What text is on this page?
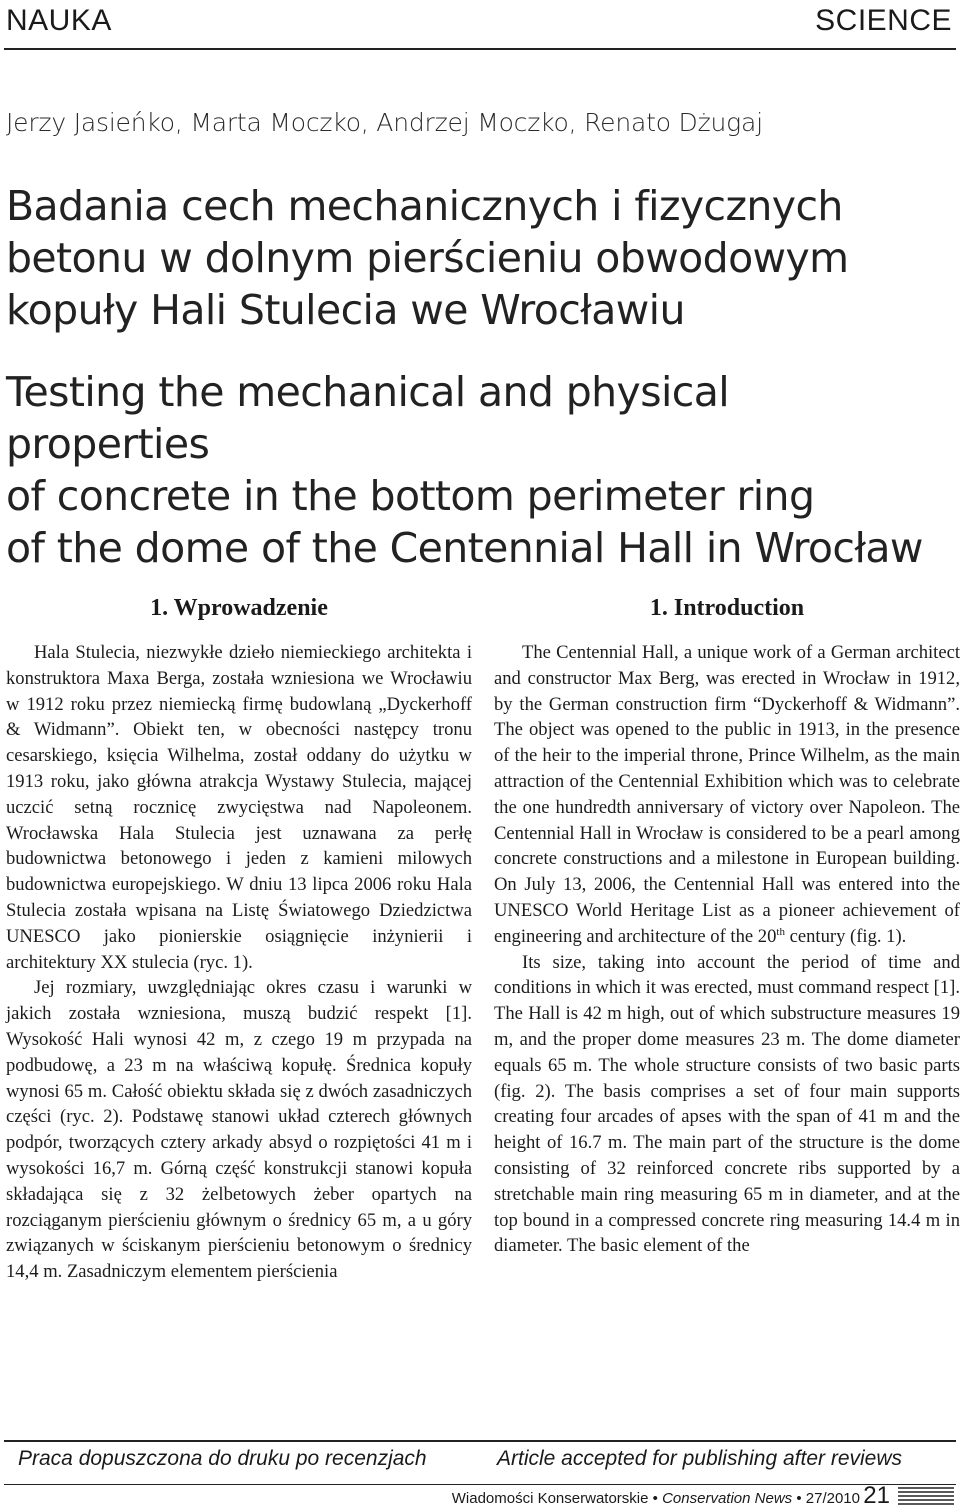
NAUKA	SCIENCE
Jerzy Jasieńko, Marta Moczko, Andrzej Moczko, Renato Dżugaj
Badania cech mechanicznych i fizycznych
betonu w dolnym pierścieniu obwodowym
kopuły Hali Stulecia we Wrocławiu
Testing the mechanical and physical properties
of concrete in the bottom perimeter ring
of the dome of the Centennial Hall in Wrocław
1. Wprowadzenie

Hala Stulecia, niezwykłe dzieło niemieckiego architekta i konstruktora Maxa Berga, została wzniesiona we Wrocławiu w 1912 roku przez niemiecką firmę budowlaną „Dyckerhoff & Widmann”. Obiekt ten, w obecności następcy tronu cesarskiego, księcia Wilhelma, został oddany do użytku w 1913 roku, jako główna atrakcja Wystawy Stulecia, mającej uczcić setną rocznicę zwycięstwa nad Napoleonem. Wrocławska Hala Stulecia jest uznawana za perłę budownictwa betonowego i jeden z kamieni milowych budownictwa europejskiego. W dniu 13 lipca 2006 roku Hala Stulecia została wpisana na Listę Światowego Dziedzictwa UNESCO jako pionierskie osiągnięcie inżynierii i architektury XX stulecia (ryc. 1).

Jej rozmiary, uwzględniając okres czasu i warunki w jakich została wzniesiona, muszą budzić respekt [1]. Wysokość Hali wynosi 42 m, z czego 19 m przypada na podbudowę, a 23 m na właściwą kopułę. Średnica kopuły wynosi 65 m. Całość obiektu składa się z dwóch zasadniczych części (ryc. 2). Podstawę stanowi układ czterech głównych podpór, tworzących cztery arkady absyd o rozpiętości 41 m i wysokości 16,7 m. Górną część konstrukcji stanowi kopuła składająca się z 32 żelbetowych żeber opartych na rozciąganym pierścieniu głównym o średnicy 65 m, a u góry związanych w ściskanym pierścieniu betonowym o średnicy 14,4 m. Zasadniczym elementem pierścienia

1. Introduction

The Centennial Hall, a unique work of a German architect and constructor Max Berg, was erected in Wrocław in 1912, by the German construction firm “Dyckerhoff & Widmann”. The object was opened to the public in 1913, in the presence of the heir to the imperial throne, Prince Wilhelm, as the main attraction of the Centennial Exhibition which was to celebrate the one hundredth anniversary of victory over Napoleon. The Centennial Hall in Wrocław is considered to be a pearl among concrete constructions and a milestone in European building. On July 13, 2006, the Centennial Hall was entered into the UNESCO World Heritage List as a pioneer achievement of engineering and architecture of the 20th century (fig. 1).

Its size, taking into account the period of time and conditions in which it was erected, must command respect [1]. The Hall is 42 m high, out of which substructure measures 19 m, and the proper dome measures 23 m. The dome diameter equals 65 m. The whole structure consists of two basic parts (fig. 2). The basis comprises a set of four main supports creating four arcades of apses with the span of 41 m and the height of 16.7 m. The main part of the structure is the dome consisting of 32 reinforced concrete ribs supported by a stretchable main ring measuring 65 m in diameter, and at the top bound in a compressed concrete ring measuring 14.4 m in diameter. The basic element of the

Praca dopuszczona do druku po recenzjach	Article accepted for publishing after reviews
Wiadomości Konserwatorskie • Conservation News • 27/2010 21
